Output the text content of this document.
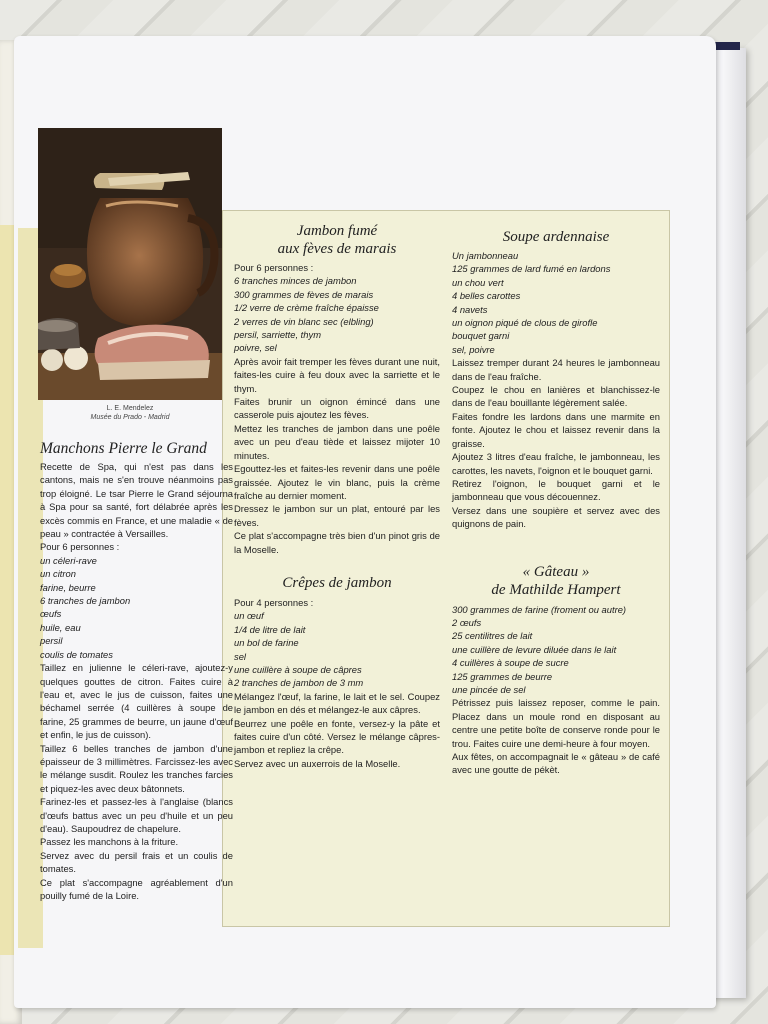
L. E. Mendelez
Musée du Prado - Madrid
Manchons Pierre le Grand

Recette de Spa, qui n'est pas dans les cantons, mais ne s'en trouve néanmoins pas trop éloigné. Le tsar Pierre le Grand séjourna à Spa pour sa santé, fort délabrée après les excès commis en France, et une maladie « de peau » contractée à Versailles.

Pour 6 personnes :
un céleri-rave
un citron
farine, beurre
6 tranches de jambon
œufs
huile, eau
persil
coulis de tomates

Taillez en julienne le céleri-rave, ajoutez-y quelques gouttes de citron. Faites cuire à l'eau et, avec le jus de cuisson, faites une béchamel serrée (4 cuillères à soupe de farine, 25 grammes de beurre, un jaune d'œuf et enfin, le jus de cuisson).

Taillez 6 belles tranches de jambon d'une épaisseur de 3 millimètres. Farcissez-les avec le mélange susdit. Roulez les tranches farcies et piquez-les avec deux bâtonnets.

Farinez-les et passez-les à l'anglaise (blancs d'œufs battus avec un peu d'huile et un peu d'eau). Saupoudrez de chapelure.

Passez les manchons à la friture.

Servez avec du persil frais et un coulis de tomates.

Ce plat s'accompagne agréablement d'un pouilly fumé de la Loire.

Jambon fumé
aux fèves de marais
Pour 6 personnes :
6 tranches minces de jambon
300 grammes de fèves de marais
1/2 verre de crème fraîche épaisse
2 verres de vin blanc sec (elbling)
persil, sarriette, thym
poivre, sel

Après avoir fait tremper les fèves durant une nuit, faites-les cuire à feu doux avec la sarriette et le thym.

Faites brunir un oignon émincé dans une casserole puis ajoutez les fèves.

Mettez les tranches de jambon dans une poêle avec un peu d'eau tiède et laissez mijoter 10 minutes.

Egouttez-les et faites-les revenir dans une poêle graissée. Ajoutez le vin blanc, puis la crème fraîche au dernier moment.

Dressez le jambon sur un plat, entouré par les fèves.

Ce plat s'accompagne très bien d'un pinot gris de la Moselle.

Crêpes de jambon
Pour 4 personnes :
un œuf
1/4 de litre de lait
un bol de farine
sel
une cuillère à soupe de câpres
2 tranches de jambon de 3 mm

Mélangez l'œuf, la farine, le lait et le sel. Coupez le jambon en dés et mélangez-le aux câpres.

Beurrez une poêle en fonte, versez-y la pâte et faites cuire d'un côté. Versez le mélange câpres-jambon et repliez la crêpe.

Servez avec un auxerrois de la Moselle.

Soupe ardennaise
Un jambonneau
125 grammes de lard fumé en lardons
un chou vert
4 belles carottes
4 navets
un oignon piqué de clous de girofle
bouquet garni
sel, poivre

Laissez tremper durant 24 heures le jambonneau dans de l'eau fraîche.

Coupez le chou en lanières et blanchissez-le dans de l'eau bouillante légèrement salée.

Faites fondre les lardons dans une marmite en fonte. Ajoutez le chou et laissez revenir dans la graisse.

Ajoutez 3 litres d'eau fraîche, le jambonneau, les carottes, les navets, l'oignon et le bouquet garni.

Retirez l'oignon, le bouquet garni et le jambonneau que vous découennez.

Versez dans une soupière et servez avec des quignons de pain.

« Gâteau »
de Mathilde Hampert
300 grammes de farine (froment ou autre)
2 œufs
25 centilitres de lait
une cuillère de levure diluée dans le lait
4 cuillères à soupe de sucre
125 grammes de beurre
une pincée de sel

Pétrissez puis laissez reposer, comme le pain. Placez dans un moule rond en disposant au centre une petite boîte de conserve ronde pour le trou. Faites cuire une demi-heure à four moyen.

Aux fêtes, on accompagnait le « gâteau » de café avec une goutte de pékèt.
